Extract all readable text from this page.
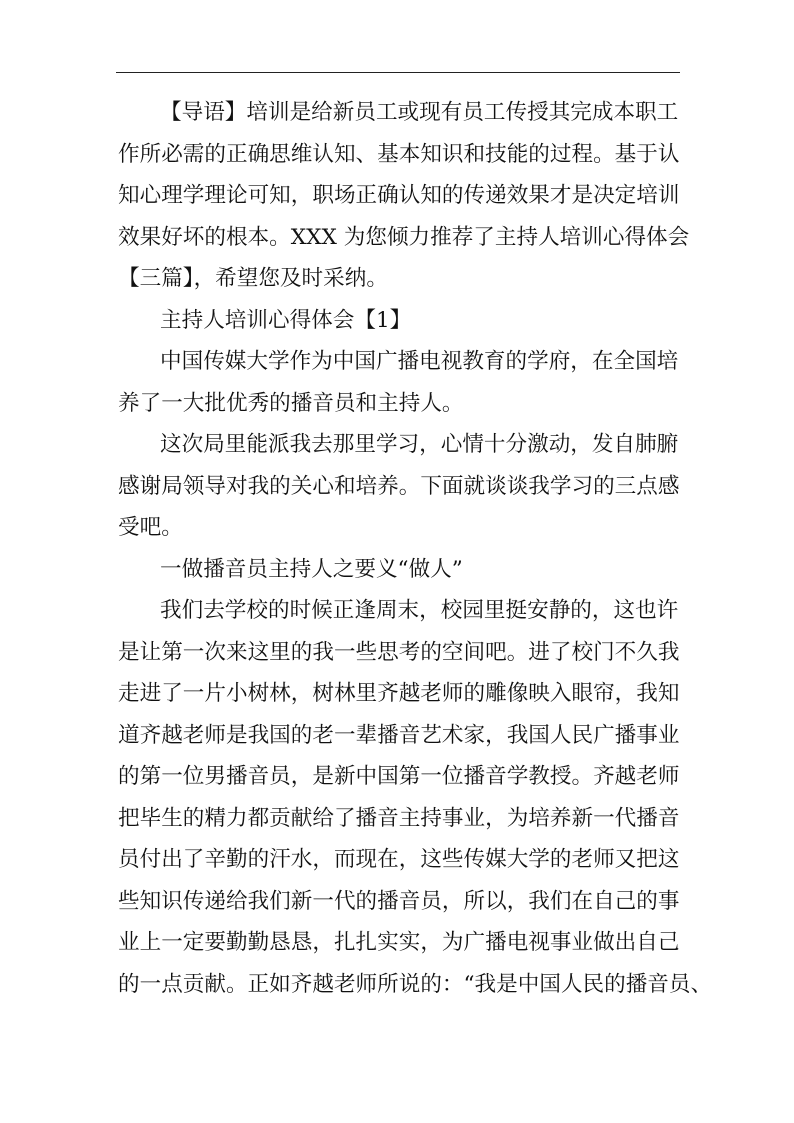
【导语】培训是给新员工或现有员工传授其完成本职工
作所必需的正确思维认知、基本知识和技能的过程。基于认
知心理学理论可知，职场正确认知的传递效果才是决定培训
效果好坏的根本。XXX 为您倾力推荐了主持人培训心得体会
【三篇】，希望您及时采纳。
主持人培训心得体会【1】
中国传媒大学作为中国广播电视教育的学府，在全国培
养了一大批优秀的播音员和主持人。
这次局里能派我去那里学习，心情十分激动，发自肺腑
感谢局领导对我的关心和培养。下面就谈谈我学习的三点感
受吧。
一做播音员主持人之要义“做人”
我们去学校的时候正逢周末，校园里挺安静的，这也许
是让第一次来这里的我一些思考的空间吧。进了校门不久我
走进了一片小树林，树林里齐越老师的雕像映入眼帘，我知
道齐越老师是我国的老一辈播音艺术家，我国人民广播事业
的第一位男播音员，是新中国第一位播音学教授。齐越老师
把毕生的精力都贡献给了播音主持事业，为培养新一代播音
员付出了辛勤的汗水，而现在，这些传媒大学的老师又把这
些知识传递给我们新一代的播音员，所以，我们在自己的事
业上一定要勤勤恳恳，扎扎实实，为广播电视事业做出自己
的一点贡献。正如齐越老师所说的：“我是中国人民的播音员、
